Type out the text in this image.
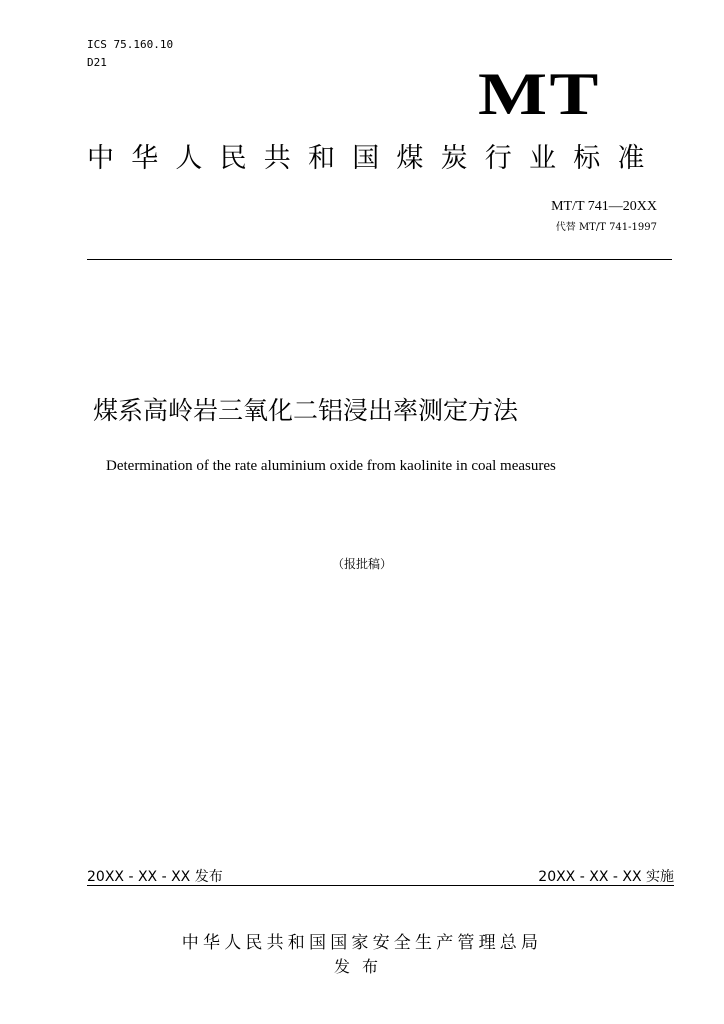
ICS 75.160.10
D21	MT
中华人民共和国煤炭行业标准
MT/T 741—20XX
代替 MT/T 741-1997
煤系高岭岩三氧化二铝浸出率测定方法
Determination of the rate aluminium oxide from kaolinite in coal measures
（报批稿）
20XX - XX - XX 发布	20XX - XX - XX 实施
中华人民共和国国家安全生产管理总局
发布
